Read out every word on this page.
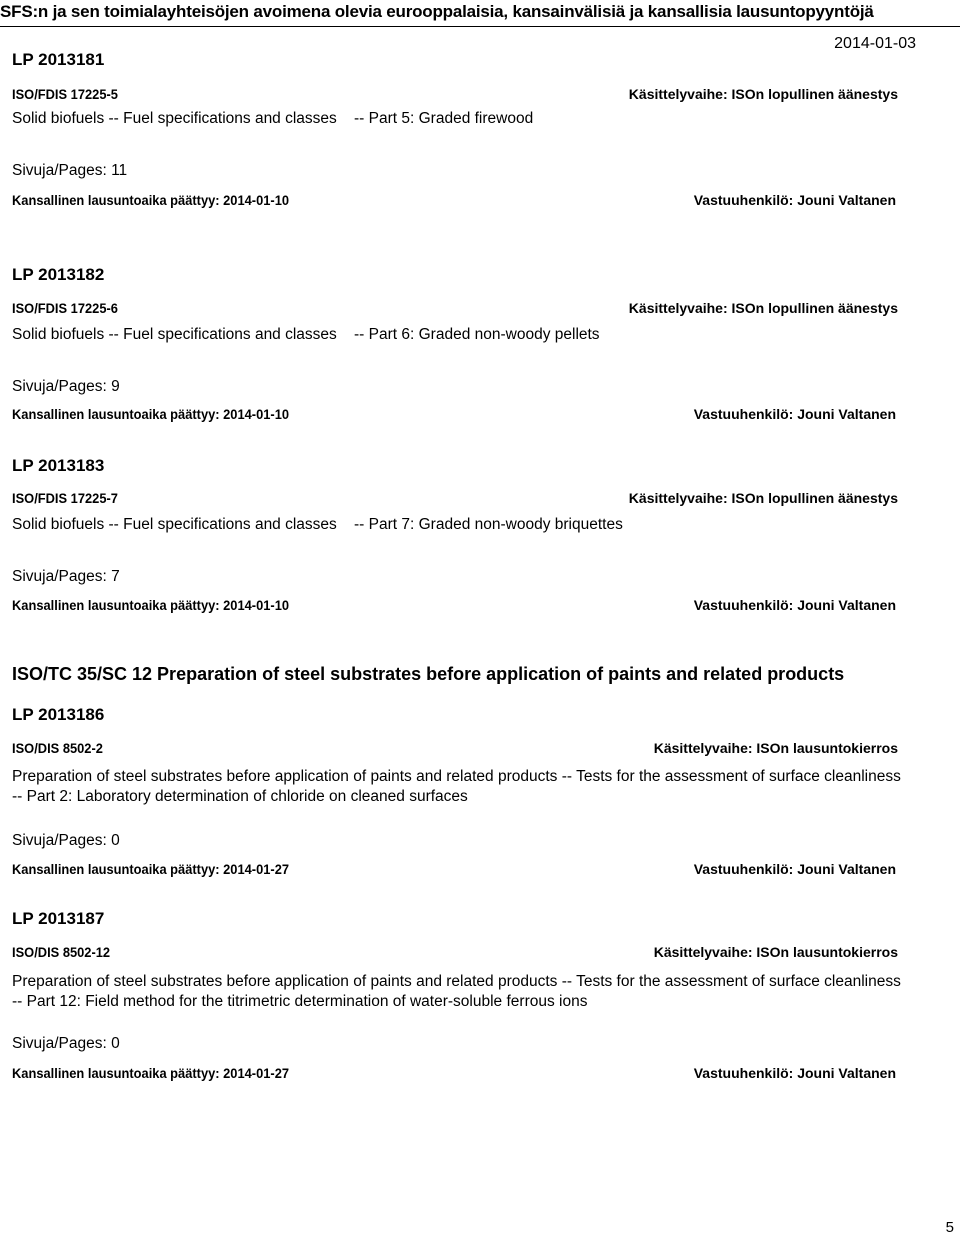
SFS:n ja sen toimialayhteisöjen avoimena olevia eurooppalaisia, kansainvälisiä ja kansallisia lausuntopyyntöjä
LP 2013181
2014-01-03
ISO/FDIS 17225-5	Käsittelyvaihe: ISOn lopullinen äänestys
Solid biofuels -- Fuel specifications and classes    -- Part 5: Graded firewood
Sivuja/Pages: 11
Kansallinen lausuntoaika päättyy: 2014-01-10	Vastuuhenkilö: Jouni Valtanen
LP 2013182
ISO/FDIS 17225-6	Käsittelyvaihe: ISOn lopullinen äänestys
Solid biofuels -- Fuel specifications and classes    -- Part 6: Graded non-woody pellets
Sivuja/Pages: 9
Kansallinen lausuntoaika päättyy: 2014-01-10	Vastuuhenkilö: Jouni Valtanen
LP 2013183
ISO/FDIS 17225-7	Käsittelyvaihe: ISOn lopullinen äänestys
Solid biofuels -- Fuel specifications and classes    -- Part 7: Graded non-woody briquettes
Sivuja/Pages: 7
Kansallinen lausuntoaika päättyy: 2014-01-10	Vastuuhenkilö: Jouni Valtanen
ISO/TC 35/SC 12 Preparation of steel substrates before application of paints and related products
LP 2013186
ISO/DIS 8502-2	Käsittelyvaihe: ISOn lausuntokierros
Preparation of steel substrates before application of paints and related products -- Tests for the assessment of surface cleanliness    -- Part 2: Laboratory determination of chloride on cleaned surfaces
Sivuja/Pages: 0
Kansallinen lausuntoaika päättyy: 2014-01-27	Vastuuhenkilö: Jouni Valtanen
LP 2013187
ISO/DIS 8502-12	Käsittelyvaihe: ISOn lausuntokierros
Preparation of steel substrates before application of paints and related products -- Tests for the assessment of surface cleanliness    -- Part 12: Field method for the titrimetric determination of water-soluble ferrous ions
Sivuja/Pages: 0
Kansallinen lausuntoaika päättyy: 2014-01-27	Vastuuhenkilö: Jouni Valtanen
5
